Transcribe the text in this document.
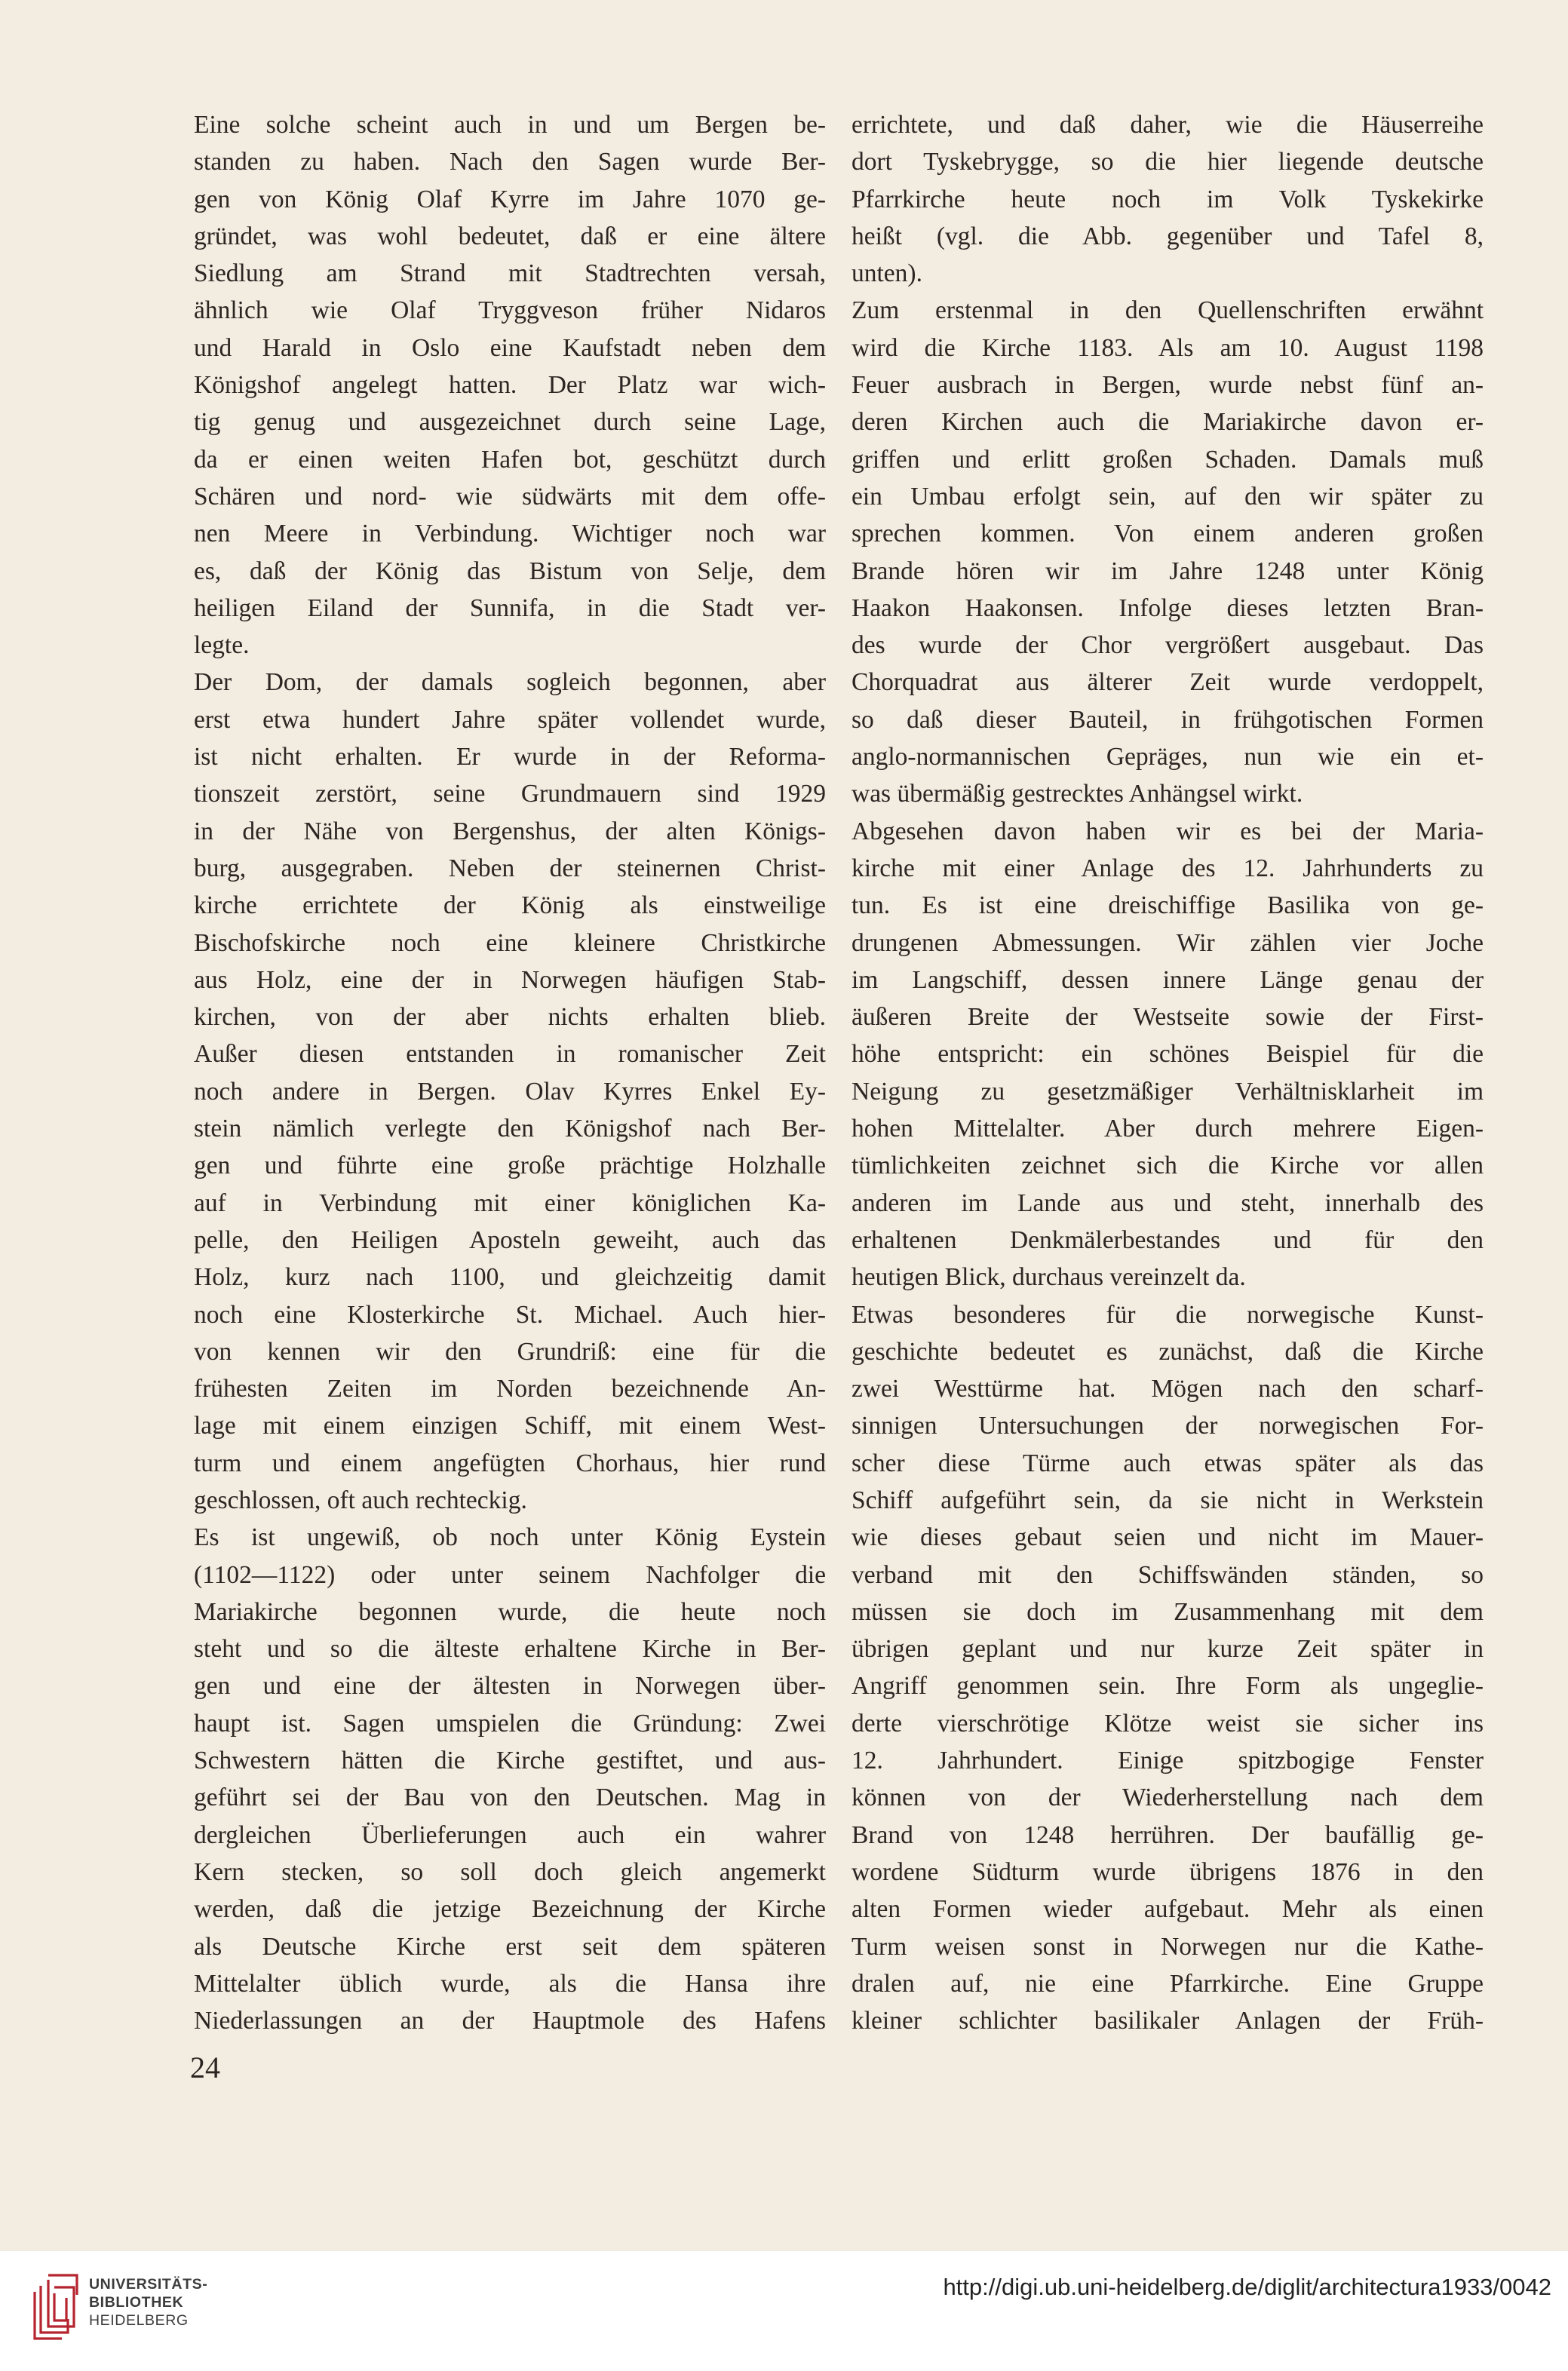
Eine solche scheint auch in und um Bergen be-
standen zu haben. Nach den Sagen wurde Ber-
gen von König Olaf Kyrre im Jahre 1070 ge-
gründet, was wohl bedeutet, daß er eine ältere
Siedlung am Strand mit Stadtrechten versah,
ähnlich wie Olaf Tryggveson früher Nidaros
und Harald in Oslo eine Kaufstadt neben dem
Königshof angelegt hatten. Der Platz war wich-
tig genug und ausgezeichnet durch seine Lage,
da er einen weiten Hafen bot, geschützt durch
Schären und nord- wie südwärts mit dem offe-
nen Meere in Verbindung. Wichtiger noch war
es, daß der König das Bistum von Selje, dem
heiligen Eiland der Sunnifa, in die Stadt ver-
legte.
Der Dom, der damals sogleich begonnen, aber
erst etwa hundert Jahre später vollendet wurde,
ist nicht erhalten. Er wurde in der Reforma-
tionszeit zerstört, seine Grundmauern sind 1929
in der Nähe von Bergenshus, der alten Königs-
burg, ausgegraben. Neben der steinernen Christ-
kirche errichtete der König als einstweilige
Bischofskirche noch eine kleinere Christkirche
aus Holz, eine der in Norwegen häufigen Stab-
kirchen, von der aber nichts erhalten blieb.
Außer diesen entstanden in romanischer Zeit
noch andere in Bergen. Olav Kyrres Enkel Ey-
stein nämlich verlegte den Königshof nach Ber-
gen und führte eine große prächtige Holzhalle
auf in Verbindung mit einer königlichen Ka-
pelle, den Heiligen Aposteln geweiht, auch das
Holz, kurz nach 1100, und gleichzeitig damit
noch eine Klosterkirche St. Michael. Auch hier-
von kennen wir den Grundriß: eine für die
frühesten Zeiten im Norden bezeichnende An-
lage mit einem einzigen Schiff, mit einem West-
turm und einem angefügten Chorhaus, hier rund
geschlossen, oft auch rechteckig.
Es ist ungewiß, ob noch unter König Eystein
(1102—1122) oder unter seinem Nachfolger die
Mariakirche begonnen wurde, die heute noch
steht und so die älteste erhaltene Kirche in Ber-
gen und eine der ältesten in Norwegen über-
haupt ist. Sagen umspielen die Gründung: Zwei
Schwestern hätten die Kirche gestiftet, und aus-
geführt sei der Bau von den Deutschen. Mag in
dergleichen Überlieferungen auch ein wahrer
Kern stecken, so soll doch gleich angemerkt
werden, daß die jetzige Bezeichnung der Kirche
als Deutsche Kirche erst seit dem späteren
Mittelalter üblich wurde, als die Hansa ihre
Niederlassungen an der Hauptmole des Hafens
errichtete, und daß daher, wie die Häuserreihe
dort Tyskebrygge, so die hier liegende deutsche
Pfarrkirche heute noch im Volk Tyskekirke
heißt (vgl. die Abb. gegenüber und Tafel 8,
unten).
Zum erstenmal in den Quellenschriften erwähnt
wird die Kirche 1183. Als am 10. August 1198
Feuer ausbrach in Bergen, wurde nebst fünf an-
deren Kirchen auch die Mariakirche davon er-
griffen und erlitt großen Schaden. Damals muß
ein Umbau erfolgt sein, auf den wir später zu
sprechen kommen. Von einem anderen großen
Brande hören wir im Jahre 1248 unter König
Haakon Haakonsen. Infolge dieses letzten Bran-
des wurde der Chor vergrößert ausgebaut. Das
Chorquadrat aus älterer Zeit wurde verdoppelt,
so daß dieser Bauteil, in frühgotischen Formen
anglo-normannischen Gepräges, nun wie ein et-
was übermäßig gestrecktes Anhängsel wirkt.
Abgesehen davon haben wir es bei der Maria-
kirche mit einer Anlage des 12. Jahrhunderts zu
tun. Es ist eine dreischiffige Basilika von ge-
drungenen Abmessungen. Wir zählen vier Joche
im Langschiff, dessen innere Länge genau der
äußeren Breite der Westseite sowie der First-
höhe entspricht: ein schönes Beispiel für die
Neigung zu gesetzmäßiger Verhältnisklarheit im
hohen Mittelalter. Aber durch mehrere Eigen-
tümlichkeiten zeichnet sich die Kirche vor allen
anderen im Lande aus und steht, innerhalb des
erhaltenen Denkmälerbestandes und für den
heutigen Blick, durchaus vereinzelt da.
Etwas besonderes für die norwegische Kunst-
geschichte bedeutet es zunächst, daß die Kirche
zwei Westtürme hat. Mögen nach den scharf-
sinnigen Untersuchungen der norwegischen For-
scher diese Türme auch etwas später als das
Schiff aufgeführt sein, da sie nicht in Werkstein
wie dieses gebaut seien und nicht im Mauer-
verband mit den Schiffswänden ständen, so
müssen sie doch im Zusammenhang mit dem
übrigen geplant und nur kurze Zeit später in
Angriff genommen sein. Ihre Form als ungeglie-
derte vierschrötige Klötze weist sie sicher ins
12. Jahrhundert. Einige spitzbogige Fenster
können von der Wiederherstellung nach dem
Brand von 1248 herrühren. Der baufällig ge-
wordene Südturm wurde übrigens 1876 in den
alten Formen wieder aufgebaut. Mehr als einen
Turm weisen sonst in Norwegen nur die Kathe-
dralen auf, nie eine Pfarrkirche. Eine Gruppe
kleiner schlichter basilikaler Anlagen der Früh-
24
UNIVERSITÄTS-
BIBLIOTHEK
HEIDELBERG
http://digi.ub.uni-heidelberg.de/diglit/architectura1933/0042
